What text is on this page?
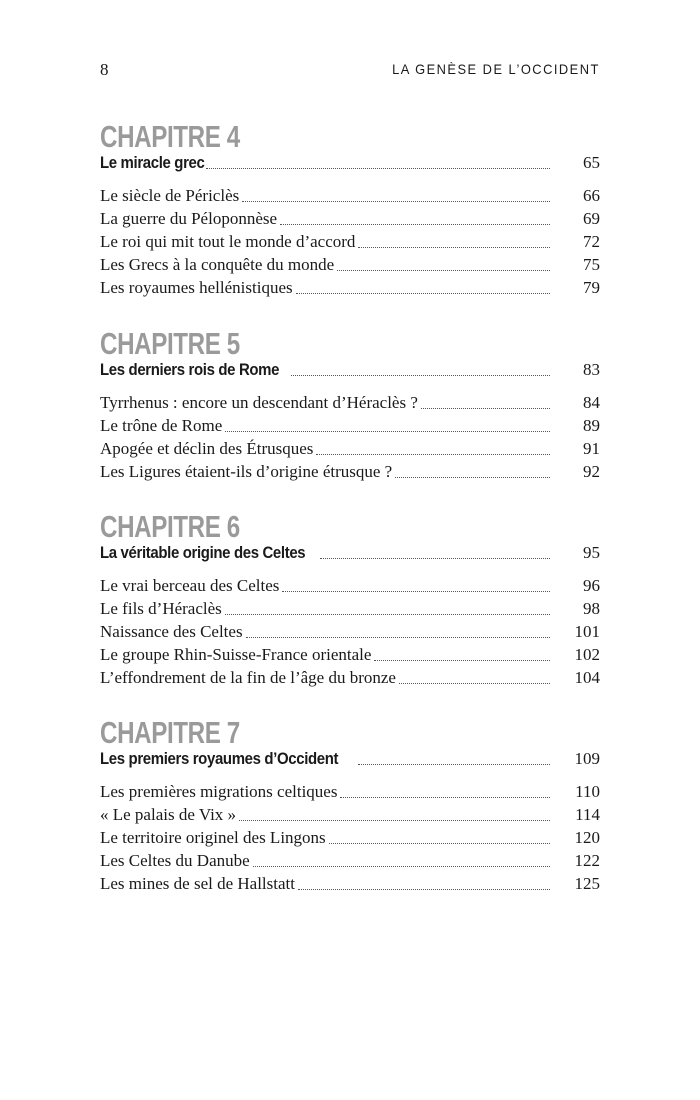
8	LA GENÈSE DE L’OCCIDENT
CHAPITRE 4
Le miracle grec	65
Le siècle de Périclès	66
La guerre du Péloponnèse	69
Le roi qui mit tout le monde d’accord	72
Les Grecs à la conquête du monde	75
Les royaumes hellénistiques	79
CHAPITRE 5
Les derniers rois de Rome	83
Tyrrhenus : encore un descendant d’Héraclès ?	84
Le trône de Rome	89
Apogée et déclin des Étrusques	91
Les Ligures étaient-ils d’origine étrusque ?	92
CHAPITRE 6
La véritable origine des Celtes	95
Le vrai berceau des Celtes	96
Le fils d’Héraclès	98
Naissance des Celtes	101
Le groupe Rhin-Suisse-France orientale	102
L’effondrement de la fin de l’âge du bronze	104
CHAPITRE 7
Les premiers royaumes d’Occident	109
Les premières migrations celtiques	110
« Le palais de Vix »	114
Le territoire originel des Lingons	120
Les Celtes du Danube	122
Les mines de sel de Hallstatt	125
